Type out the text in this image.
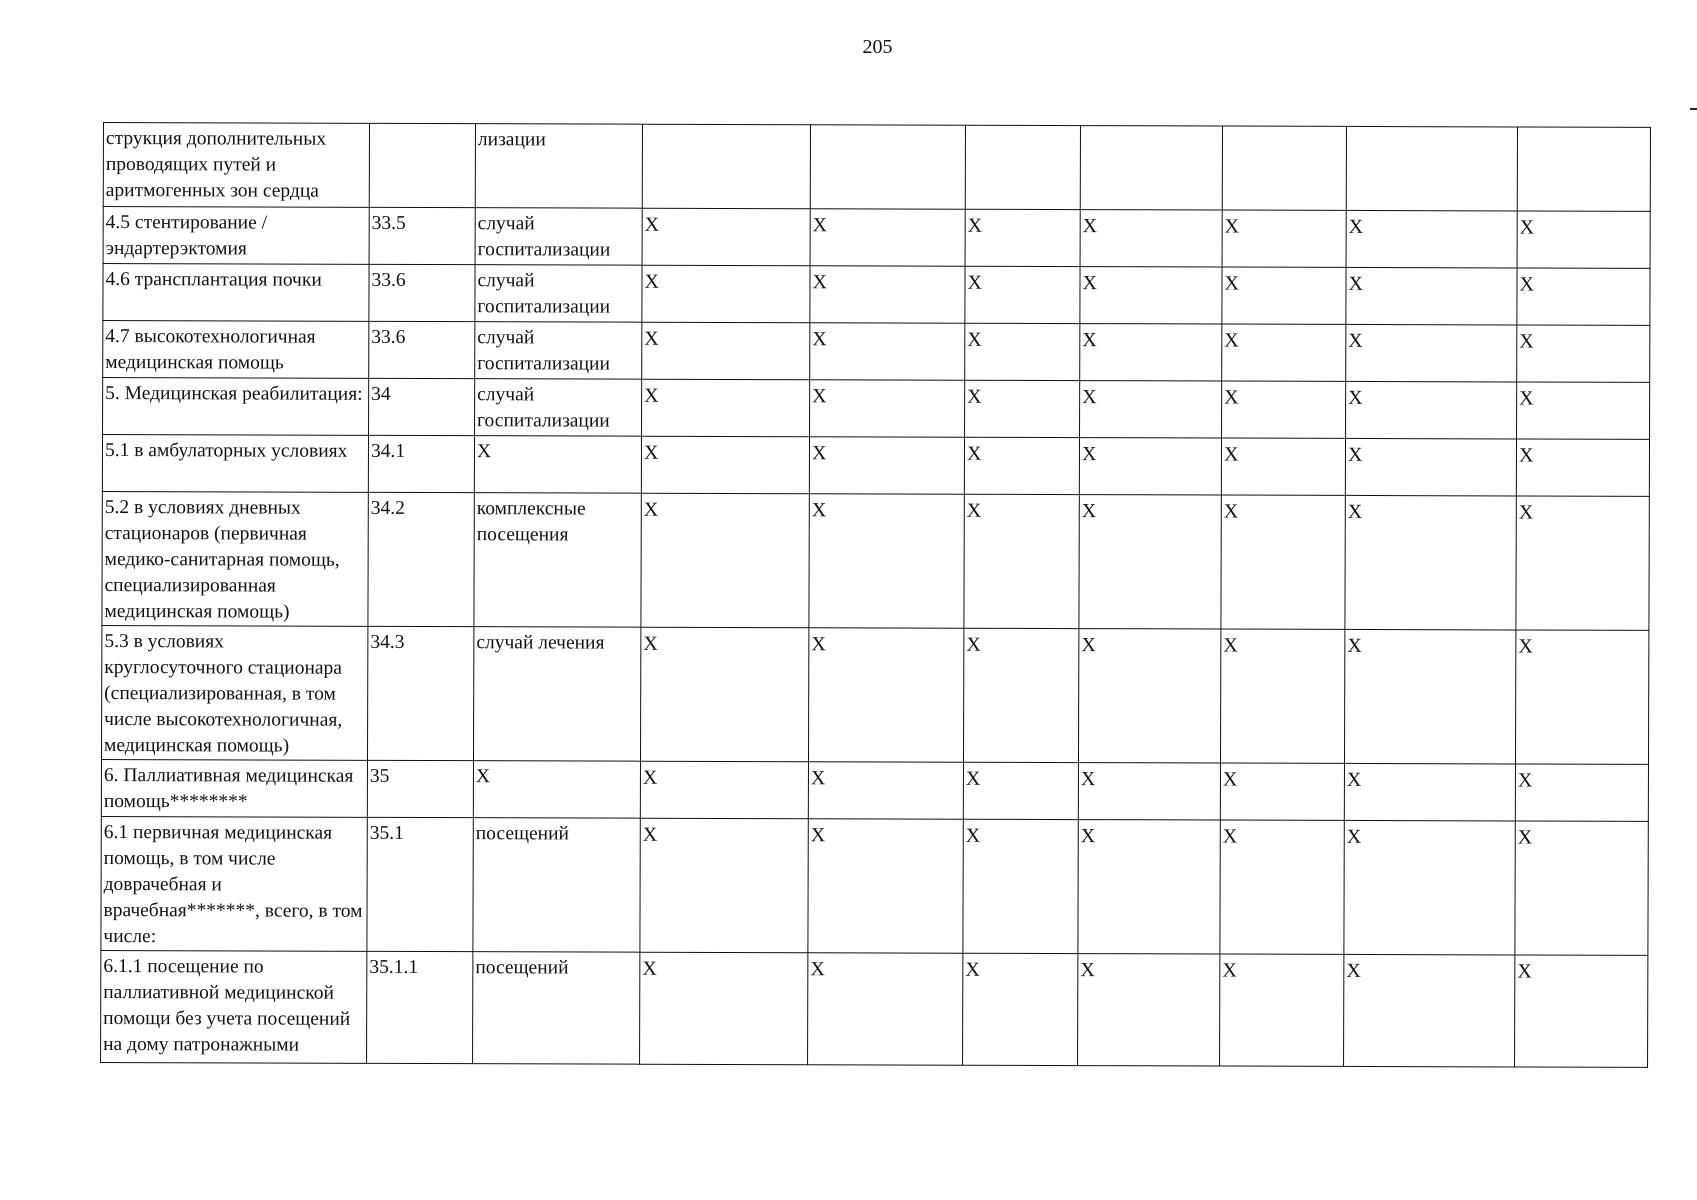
205
струкция дополнительных проводящих путей и аритмогенных зон сердца		лизации							
4.5 стентирование / эндартерэктомия	33.5	случай госпитализации	X	X	X	X	X	X	X
4.6 трансплантация почки	33.6	случай госпитализации	X	X	X	X	X	X	X
4.7 высокотехнологичная медицинская помощь	33.6	случай госпитализации	X	X	X	X	X	X	X
5. Медицинская реабилитация:	34	случай госпитализации	X	X	X	X	X	X	X
5.1 в амбулаторных условиях	34.1	X	X	X	X	X	X	X	X
5.2 в условиях дневных стационаров (первичная медико-санитарная помощь, специализированная медицинская помощь)	34.2	комплексные посещения	X	X	X	X	X	X	X
5.3 в условиях круглосуточного стационара (специализированная, в том числе высокотехнологичная, медицинская помощь)	34.3	случай лечения	X	X	X	X	X	X	X
6. Паллиативная медицинская помощь********	35	X	X	X	X	X	X	X	X
6.1 первичная медицинская помощь, в том числе доврачебная и врачебная*******, всего, в том числе:	35.1	посещений	X	X	X	X	X	X	X
6.1.1 посещение по паллиативной медицинской помощи без учета посещений на дому патронажными	35.1.1	посещений	X	X	X	X	X	X	X
